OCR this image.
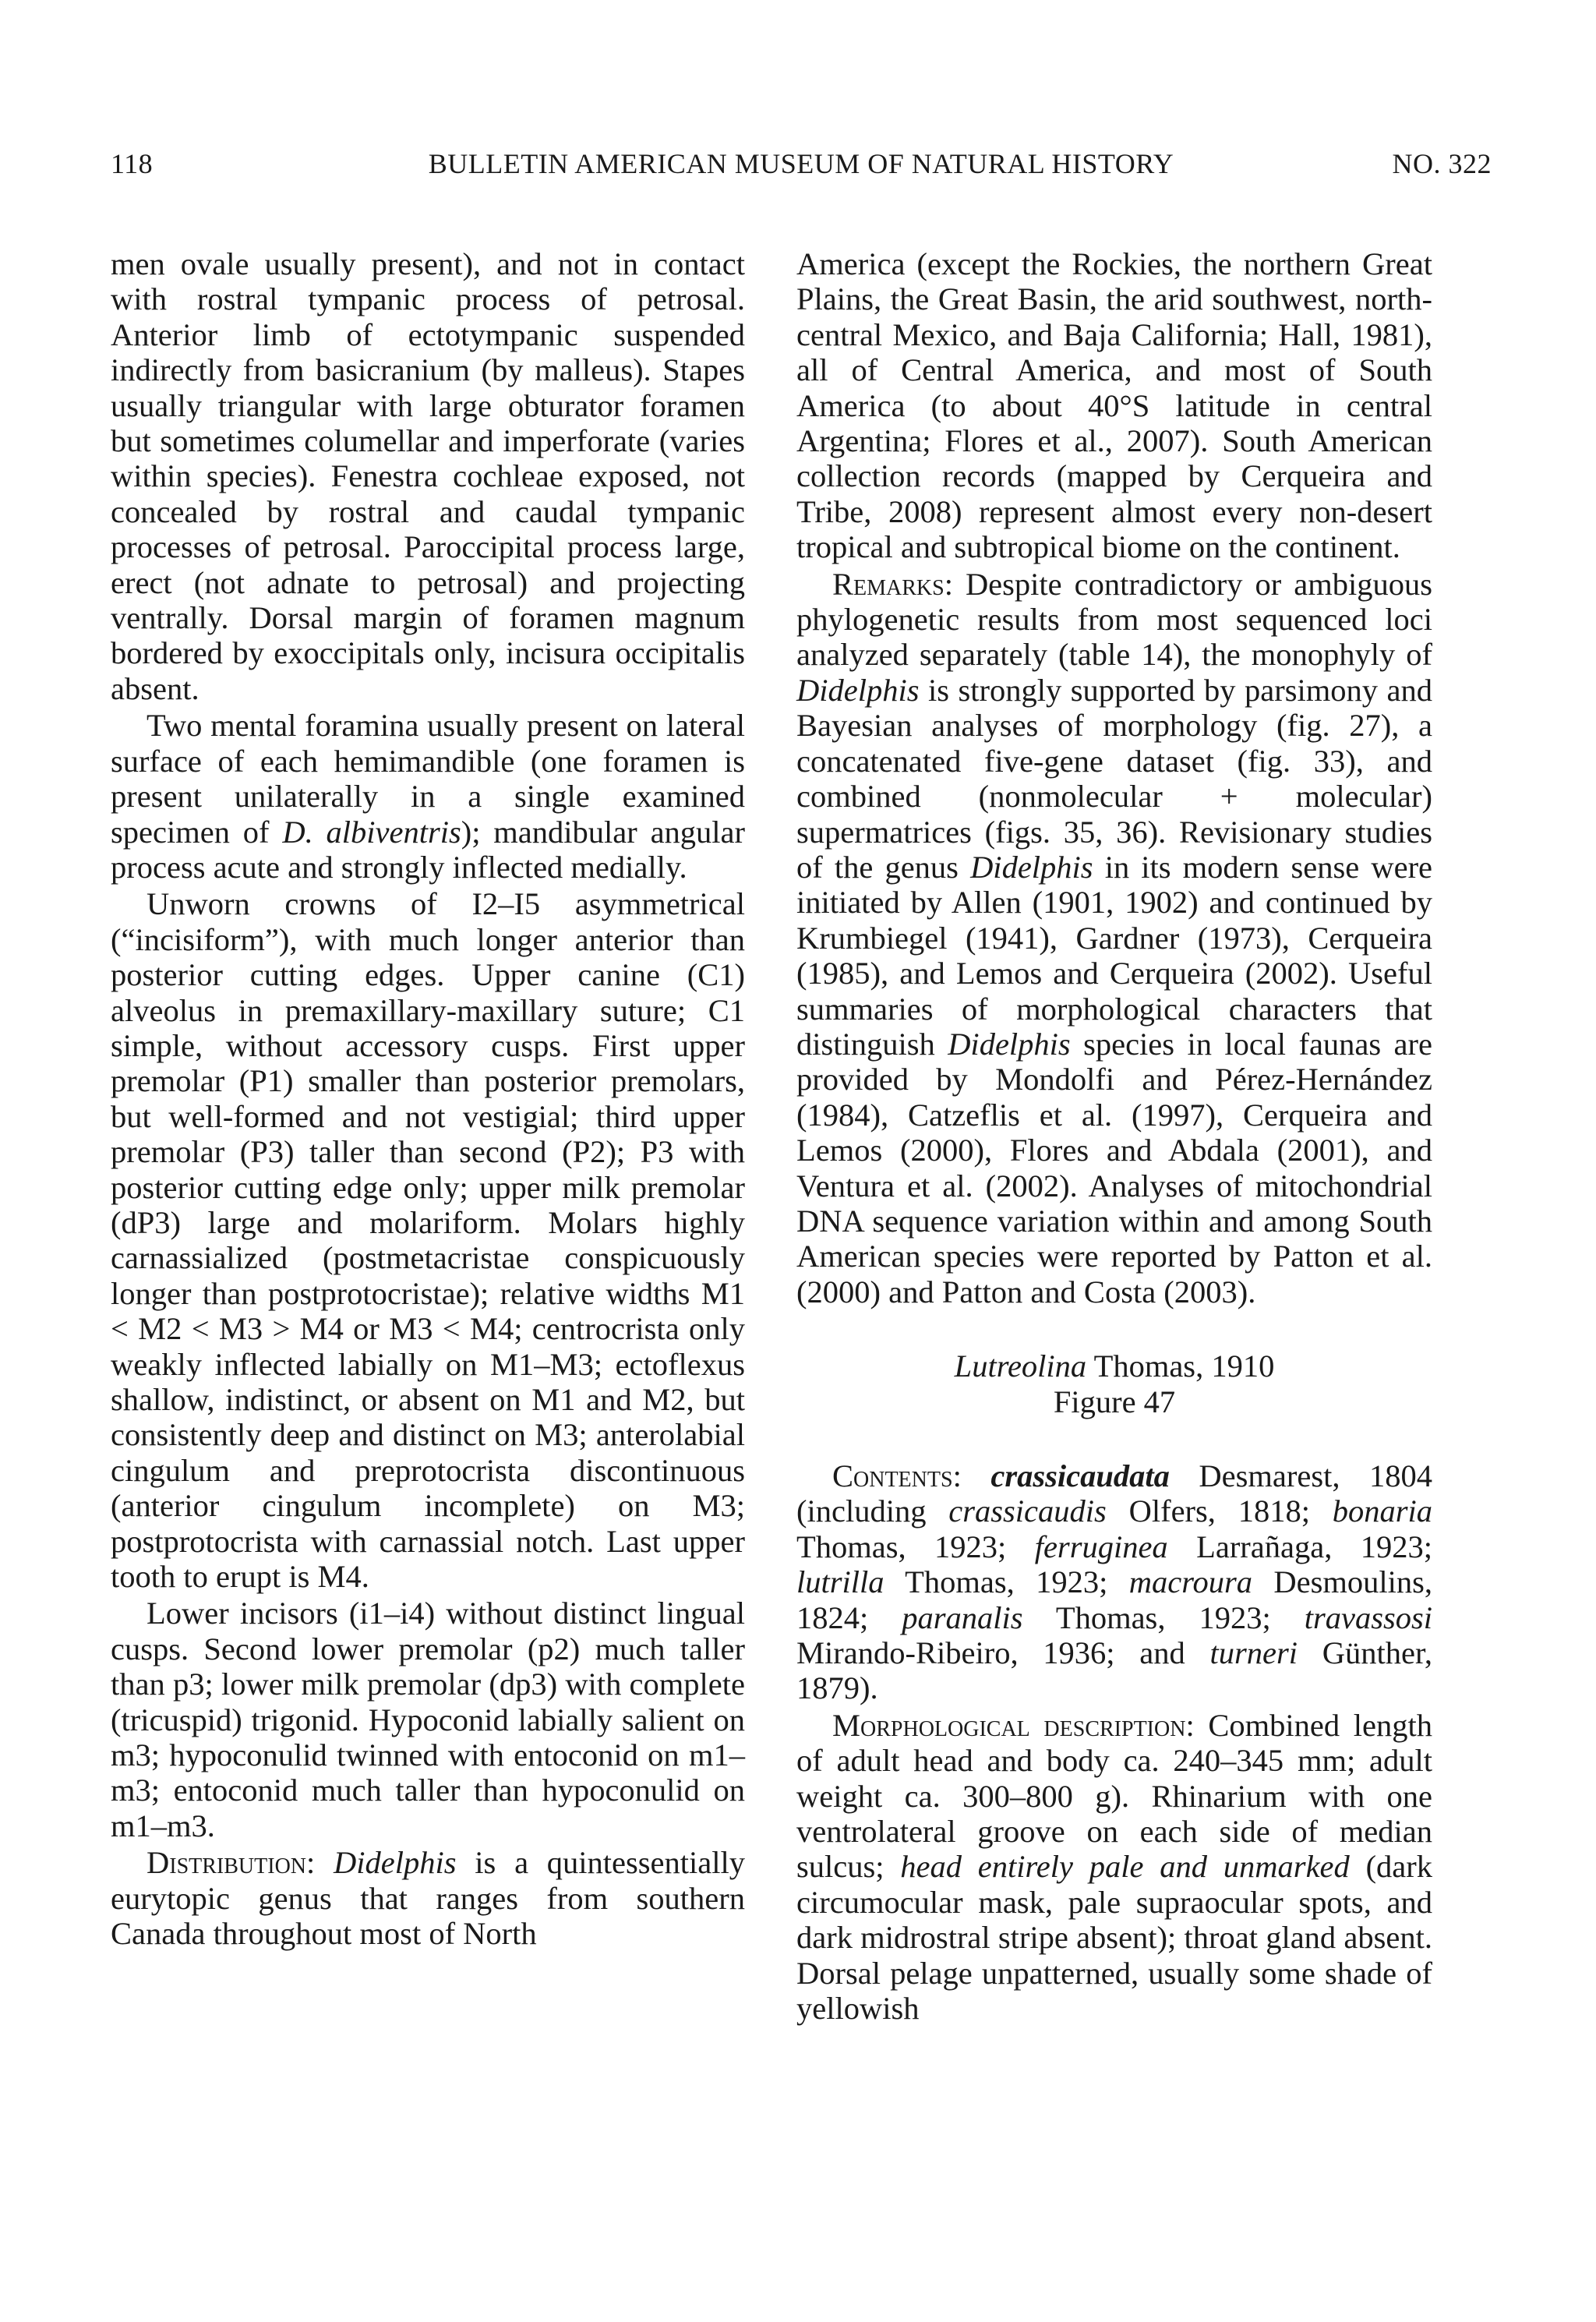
118	BULLETIN AMERICAN MUSEUM OF NATURAL HISTORY	NO. 322

men ovale usually present), and not in contact with rostral tympanic process of petrosal. Anterior limb of ectotympanic suspended indirectly from basicranium (by malleus). Stapes usually triangular with large obturator foramen but sometimes columellar and imperforate (varies within species). Fenestra cochleae exposed, not concealed by rostral and caudal tympanic processes of petrosal. Paroccipital process large, erect (not adnate to petrosal) and projecting ventrally. Dorsal margin of foramen magnum bordered by exoccipitals only, incisura occipitalis absent.

Two mental foramina usually present on lateral surface of each hemimandible (one foramen is present unilaterally in a single examined specimen of D. albiventris); mandibular angular process acute and strongly inflected medially.

Unworn crowns of I2–I5 asymmetrical (“incisiform”), with much longer anterior than posterior cutting edges. Upper canine (C1) alveolus in premaxillary-maxillary suture; C1 simple, without accessory cusps. First upper premolar (P1) smaller than posterior premolars, but well-formed and not vestigial; third upper premolar (P3) taller than second (P2); P3 with posterior cutting edge only; upper milk premolar (dP3) large and molariform. Molars highly carnassialized (postmetacristae conspicuously longer than postprotocristae); relative widths M1 < M2 < M3 > M4 or M3 < M4; centrocrista only weakly inflected labially on M1–M3; ectoflexus shallow, indistinct, or absent on M1 and M2, but consistently deep and distinct on M3; anterolabial cingulum and preprotocrista discontinuous (anterior cingulum incomplete) on M3; postprotocrista with carnassial notch. Last upper tooth to erupt is M4.

Lower incisors (i1–i4) without distinct lingual cusps. Second lower premolar (p2) much taller than p3; lower milk premolar (dp3) with complete (tricuspid) trigonid. Hypoconid labially salient on m3; hypoconulid twinned with entoconid on m1–m3; entoconid much taller than hypoconulid on m1–m3.

Distribution: Didelphis is a quintessentially eurytopic genus that ranges from southern Canada throughout most of North

America (except the Rockies, the northern Great Plains, the Great Basin, the arid southwest, north-central Mexico, and Baja California; Hall, 1981), all of Central America, and most of South America (to about 40°S latitude in central Argentina; Flores et al., 2007). South American collection records (mapped by Cerqueira and Tribe, 2008) represent almost every non-desert tropical and subtropical biome on the continent.

Remarks: Despite contradictory or ambiguous phylogenetic results from most sequenced loci analyzed separately (table 14), the monophyly of Didelphis is strongly supported by parsimony and Bayesian analyses of morphology (fig. 27), a concatenated five-gene dataset (fig. 33), and combined (nonmolecular + molecular) supermatrices (figs. 35, 36). Revisionary studies of the genus Didelphis in its modern sense were initiated by Allen (1901, 1902) and continued by Krumbiegel (1941), Gardner (1973), Cerqueira (1985), and Lemos and Cerqueira (2002). Useful summaries of morphological characters that distinguish Didelphis species in local faunas are provided by Mondolfi and Pérez-Hernández (1984), Catzeflis et al. (1997), Cerqueira and Lemos (2000), Flores and Abdala (2001), and Ventura et al. (2002). Analyses of mitochondrial DNA sequence variation within and among South American species were reported by Patton et al. (2000) and Patton and Costa (2003).

Lutreolina Thomas, 1910
Figure 47

Contents: crassicaudata Desmarest, 1804 (including crassicaudis Olfers, 1818; bonaria Thomas, 1923; ferruginea Larrañaga, 1923; lutrilla Thomas, 1923; macroura Desmoulins, 1824; paranalis Thomas, 1923; travassosi Mirando-Ribeiro, 1936; and turneri Günther, 1879).

Morphological description: Combined length of adult head and body ca. 240–345 mm; adult weight ca. 300–800 g). Rhinarium with one ventrolateral groove on each side of median sulcus; head entirely pale and unmarked (dark circumocular mask, pale supraocular spots, and dark midrostral stripe absent); throat gland absent. Dorsal pelage unpatterned, usually some shade of yellowish
